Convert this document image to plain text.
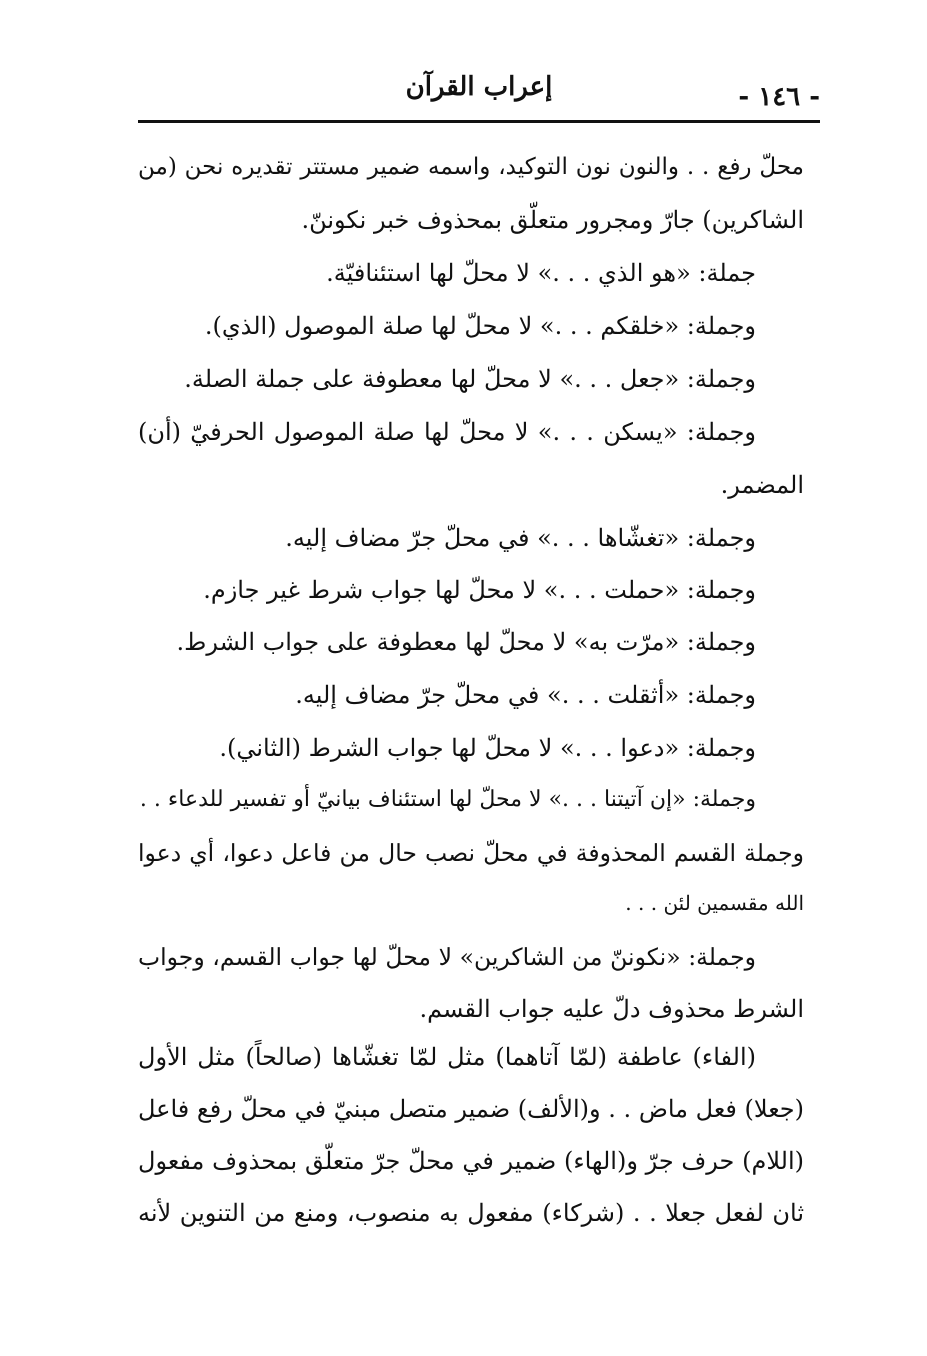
إعراب القرآن	- ١٤٦ -
محلّ رفع . . والنون نون التوكيد، واسمه ضمير مستتر تقديره نحن (من
الشاكرين) جارّ ومجرور متعلّق بمحذوف خبر نكوننّ.
جملة: «هو الذي . . .» لا محلّ لها استئنافيّة.
وجملة: «خلقكم . . .» لا محلّ لها صلة الموصول (الذي).
وجملة: «جعل . . .» لا محلّ لها معطوفة على جملة الصلة.
وجملة: «يسكن . . .» لا محلّ لها صلة الموصول الحرفيّ (أن)
المضمر.
وجملة: «تغشّاها . . .» في محلّ جرّ مضاف إليه.
وجملة: «حملت . . .» لا محلّ لها جواب شرط غير جازم.
وجملة: «مرّت به» لا محلّ لها معطوفة على جواب الشرط.
وجملة: «أثقلت . . .» في محلّ جرّ مضاف إليه.
وجملة: «دعوا . . .» لا محلّ لها جواب الشرط (الثاني).
وجملة: «إن آتيتنا . . .» لا محلّ لها استئناف بيانيّ أو تفسير للدعاء . .
وجملة القسم المحذوفة في محلّ نصب حال من فاعل دعوا، أي دعوا
الله مقسمين لئن . . .
وجملة: «نكوننّ من الشاكرين» لا محلّ لها جواب القسم، وجواب
الشرط محذوف دلّ عليه جواب القسم.
(الفاء) عاطفة (لمّا آتاهما) مثل لمّا تغشّاها (صالحاً) مثل الأول
(جعلا) فعل ماض . . و(الألف) ضمير متصل مبنيّ في محلّ رفع فاعل
(اللام) حرف جرّ و(الهاء) ضمير في محلّ جرّ متعلّق بمحذوف مفعول
ثان لفعل جعلا . . (شركاء) مفعول به منصوب، ومنع من التنوين لأنه
